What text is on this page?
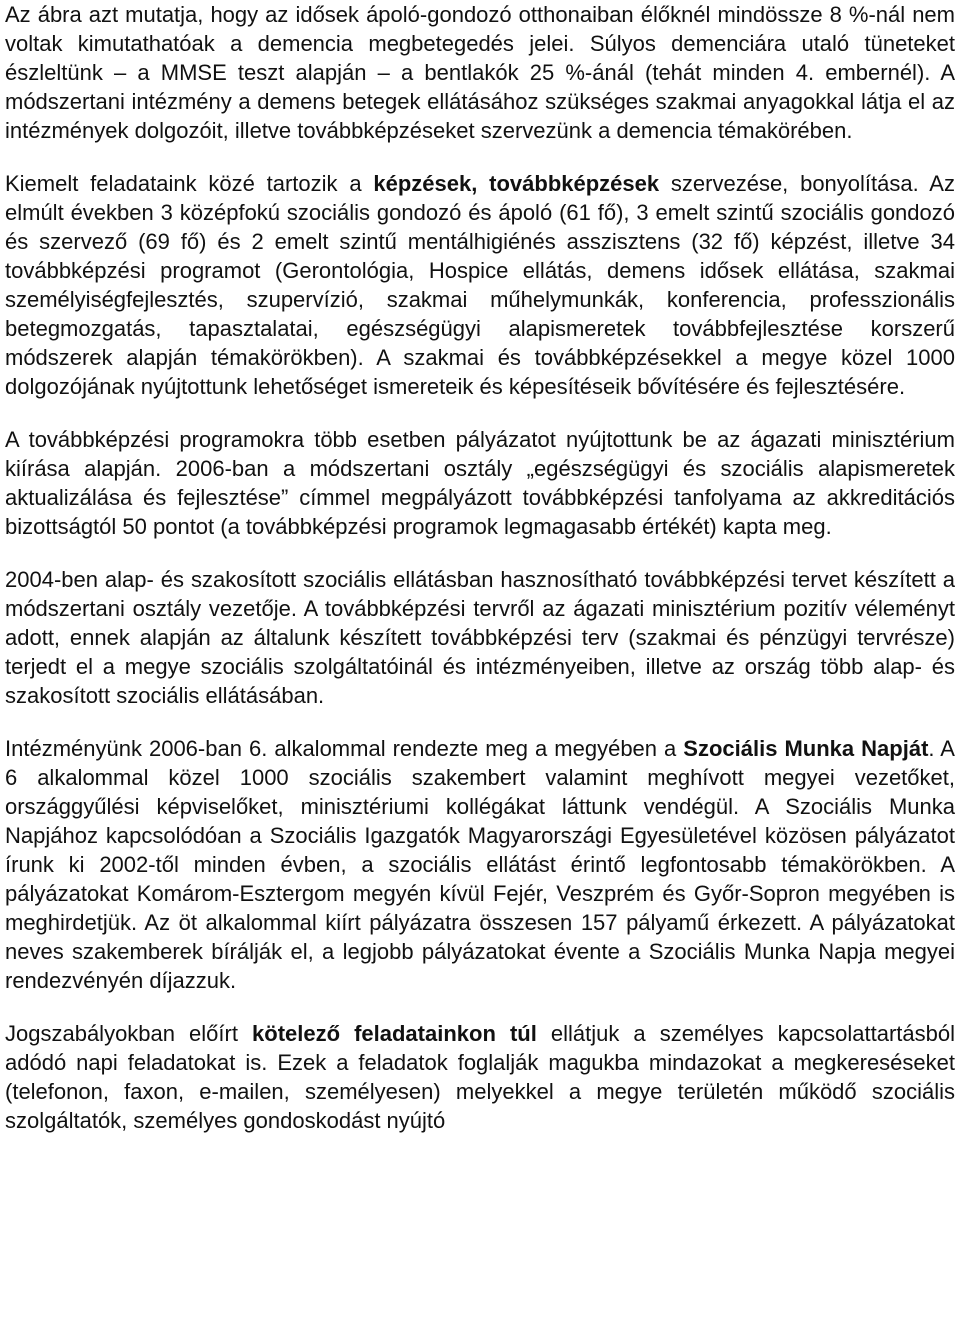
Az ábra azt mutatja, hogy az idősek ápoló-gondozó otthonaiban élőknél mindössze 8 %-nál nem voltak kimutathatóak a demencia megbetegedés jelei. Súlyos demenciára utaló tüneteket észleltünk – a MMSE teszt alapján – a bentlakók 25 %-ánál (tehát minden 4. embernél). A módszertani intézmény a demens betegek ellátásához szükséges szakmai anyagokkal látja el az intézmények dolgozóit, illetve továbbképzéseket szervezünk a demencia témakörében.

Kiemelt feladataink közé tartozik a képzések, továbbképzések szervezése, bonyolítása. Az elmúlt években 3 középfokú szociális gondozó és ápoló (61 fő), 3 emelt szintű szociális gondozó és szervező (69 fő) és 2 emelt szintű mentálhigiénés asszisztens (32 fő) képzést, illetve 34 továbbképzési programot (Gerontológia, Hospice ellátás, demens idősek ellátása, szakmai személyiségfejlesztés, szupervízió, szakmai műhelymunkák, konferencia, professzionális betegmozgatás, tapasztalatai, egészségügyi alapismeretek továbbfejlesztése korszerű módszerek alapján témakörökben). A szakmai és továbbképzésekkel a megye közel 1000 dolgozójának nyújtottunk lehetőséget ismereteik és képesítéseik bővítésére és fejlesztésére.

A továbbképzési programokra több esetben pályázatot nyújtottunk be az ágazati minisztérium kiírása alapján. 2006-ban a módszertani osztály „egészségügyi és szociális alapismeretek aktualizálása és fejlesztése” címmel megpályázott továbbképzési tanfolyama az akkreditációs bizottságtól 50 pontot (a továbbképzési programok legmagasabb értékét) kapta meg.

2004-ben alap- és szakosított szociális ellátásban hasznosítható továbbképzési tervet készített a módszertani osztály vezetője. A továbbképzési tervről az ágazati minisztérium pozitív véleményt adott, ennek alapján az általunk készített továbbképzési terv (szakmai és pénzügyi tervrésze) terjedt el a megye szociális szolgáltatóinál és intézményeiben, illetve az ország több alap- és szakosított szociális ellátásában.

Intézményünk 2006-ban 6. alkalommal rendezte meg a megyében a Szociális Munka Napját. A 6 alkalommal közel 1000 szociális szakembert valamint meghívott megyei vezetőket, országgyűlési képviselőket, minisztériumi kollégákat láttunk vendégül. A Szociális Munka Napjához kapcsolódóan a Szociális Igazgatók Magyarországi Egyesületével közösen pályázatot írunk ki 2002-től minden évben, a szociális ellátást érintő legfontosabb témakörökben. A pályázatokat Komárom-Esztergom megyén kívül Fejér, Veszprém és Győr-Sopron megyében is meghirdetjük. Az öt alkalommal kiírt pályázatra összesen 157 pályamű érkezett. A pályázatokat neves szakemberek bírálják el, a legjobb pályázatokat évente a Szociális Munka Napja megyei rendezvényén díjazzuk.

Jogszabályokban előírt kötelező feladatainkon túl ellátjuk a személyes kapcsolattartásból adódó napi feladatokat is. Ezek a feladatok foglalják magukba mindazokat a megkereséseket (telefonon, faxon, e-mailen, személyesen) melyekkel a megye területén működő szociális szolgáltatók, személyes gondoskodást nyújtó
